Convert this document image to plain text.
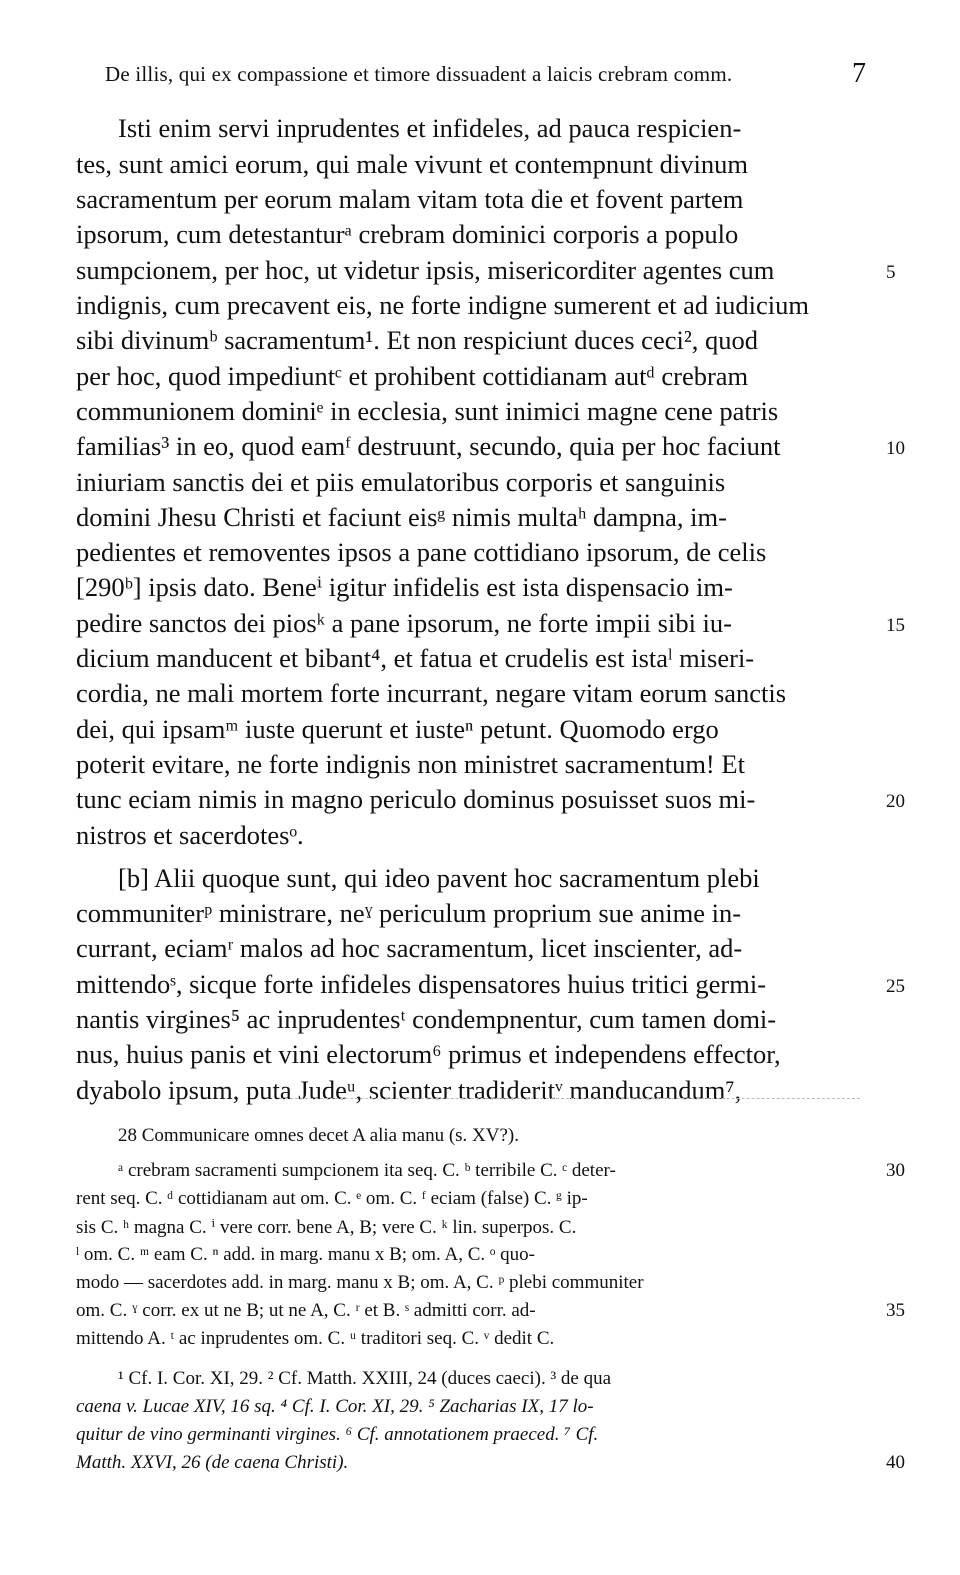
De illis, qui ex compassione et timore dissuadent a laicis crebram comm.	7
Isti enim servi inprudentes et infideles, ad pauca respicien-
tes, sunt amici eorum, qui male vivunt et contempnunt divinum
sacramentum per eorum malam vitam tota die et fovent partem
ipsorum, cum detestanturᵃ crebram dominici corporis a populo
sumpcionem, per hoc, ut videtur ipsis, misericorditer agentes cum
indignis, cum precavent eis, ne forte indigne sumerent et ad iudicium
sibi divinumᵇ sacramentum¹. Et non respiciunt duces ceci², quod
per hoc, quod impediuntᶜ et prohibent cottidianam autᵈ crebram
communionem dominiᵉ in ecclesia, sunt inimici magne cene patris
familias³ in eo, quod eamᶠ destruunt, secundo, quia per hoc faciunt
iniuriam sanctis dei et piis emulatoribus corporis et sanguinis
domini Jhesu Christi et faciunt eisᵍ nimis multaʰ dampna, im-
pedientes et removentes ipsos a pane cottidiano ipsorum, de celis
[290ᵇ] ipsis dato. Beneⁱ igitur infidelis est ista dispensacio im-
pedire sanctos dei piosᵏ a pane ipsorum, ne forte impii sibi iu-
dicium manducent et bibant⁴, et fatua et crudelis est istaˡ miseri-
cordia, ne mali mortem forte incurrant, negare vitam eorum sanctis
dei, qui ipsamᵐ iuste querunt et iusteⁿ petunt. Quomodo ergo
poterit evitare, ne forte indignis non ministret sacramentum! Et
tunc eciam nimis in magno periculo dominus posuisset suos mi-
nistros et sacerdotesᵒ.
[b] Alii quoque sunt, qui ideo pavent hoc sacramentum plebi
communiterᵖ ministrare, neˠ periculum proprium sue anime in-
currant, eciamʳ malos ad hoc sacramentum, licet inscienter, ad-
mittendoˢ, sicque forte infideles dispensatores huius tritici germi-
nantis virgines⁵ ac inprudentesᵗ condempnentur, cum tamen domi-
nus, huius panis et vini electorum⁶ primus et independens effector,
dyabolo ipsum, puta Judeᵘ, scienter tradideritᵛ manducandum⁷,
28 Communicare omnes decet A alia manu (s. XV?).
ᵃ crebram sacramenti sumpcionem ita seq. C. ᵇ terribile C. ᶜ deter-
rent seq. C. ᵈ cottidianam aut om. C. ᵉ om. C. ᶠ eciam (false) C. ᵍ ip-
sis C. ʰ magna C. ⁱ vere corr. bene A, B; vere C. ᵏ lin. superpos. C.
ˡ om. C. ᵐ eam C. ⁿ add. in marg. manu x B; om. A, C. ᵒ quo-
modo — sacerdotes add. in marg. manu x B; om. A, C. ᵖ plebi communiter
om. C. ˠ corr. ex ut ne B; ut ne A, C. ʳ et B. ˢ admitti corr. ad-
mittendo A. ᵗ ac inprudentes om. C. ᵘ traditori seq. C. ᵛ dedit C.
¹ Cf. I. Cor. XI, 29. ² Cf. Matth. XXIII, 24 (duces caeci). ³ de qua
caena v. Lucae XIV, 16 sq. ⁴ Cf. I. Cor. XI, 29. ⁵ Zacharias IX, 17 lo-
quitur de vino germinanti virgines. ⁶ Cf. annotationem praeced. ⁷ Cf.
Matth. XXVI, 26 (de caena Christi).
5
10
15
20
25
30
35
40
